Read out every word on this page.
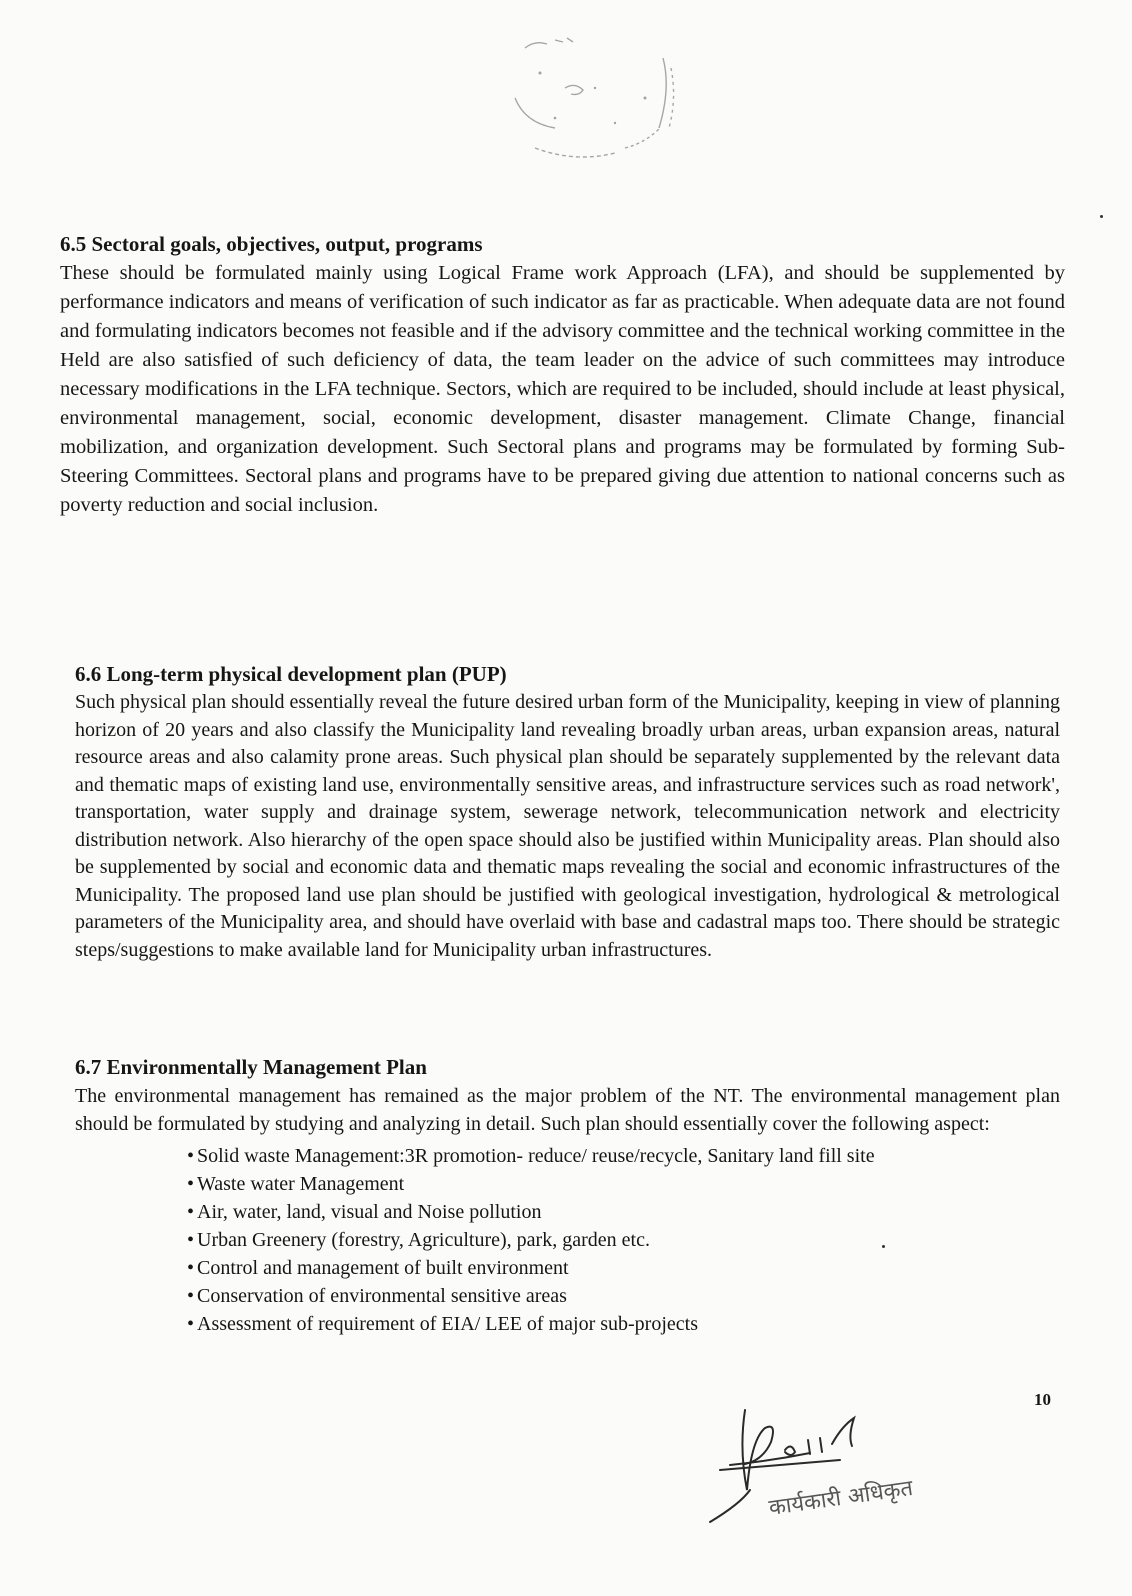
6.5 Sectoral goals, objectives, output, programs

These should be formulated mainly using Logical Frame work Approach (LFA), and should be supplemented by performance indicators and means of verification of such indicator as far as practicable. When adequate data are not found and formulating indicators becomes not feasible and if the advisory committee and the technical working committee in the Held are also satisfied of such deficiency of data, the team leader on the advice of such committees may introduce necessary modifications in the LFA technique. Sectors, which are required to be included, should include at least physical, environmental management, social, economic development, disaster management. Climate Change, financial mobilization, and organization development. Such Sectoral plans and programs may be formulated by forming Sub-Steering Committees. Sectoral plans and programs have to be prepared giving due attention to national concerns such as poverty reduction and social inclusion.

6.6 Long-term physical development plan (PUP)

Such physical plan should essentially reveal the future desired urban form of the Municipality, keeping in view of planning horizon of 20 years and also classify the Municipality land revealing broadly urban areas, urban expansion areas, natural resource areas and also calamity prone areas. Such physical plan should be separately supplemented by the relevant data and thematic maps of existing land use, environmentally sensitive areas, and infrastructure services such as road network', transportation, water supply and drainage system, sewerage network, telecommunication network and electricity distribution network. Also hierarchy of the open space should also be justified within Municipality areas. Plan should also be supplemented by social and economic data and thematic maps revealing the social and economic infrastructures of the Municipality. The proposed land use plan should be justified with geological investigation, hydrological & metrological parameters of the Municipality area, and should have overlaid with base and cadastral maps too. There should be strategic steps/suggestions to make available land for Municipality urban infrastructures.

6.7 Environmentally Management Plan

The environmental management has remained as the major problem of the NT. The environmental management plan should be formulated by studying and analyzing in detail. Such plan should essentially cover the following aspect:

• Solid waste Management:3R promotion- reduce/ reuse/recycle, Sanitary land fill site
• Waste water Management
• Air, water, land, visual and Noise pollution
• Urban Greenery (forestry, Agriculture), park, garden etc.
• Control and management of built environment
• Conservation of environmental sensitive areas
• Assessment of requirement of EIA/ LEE of major sub-projects
10
कार्यकारी अधिकृत
